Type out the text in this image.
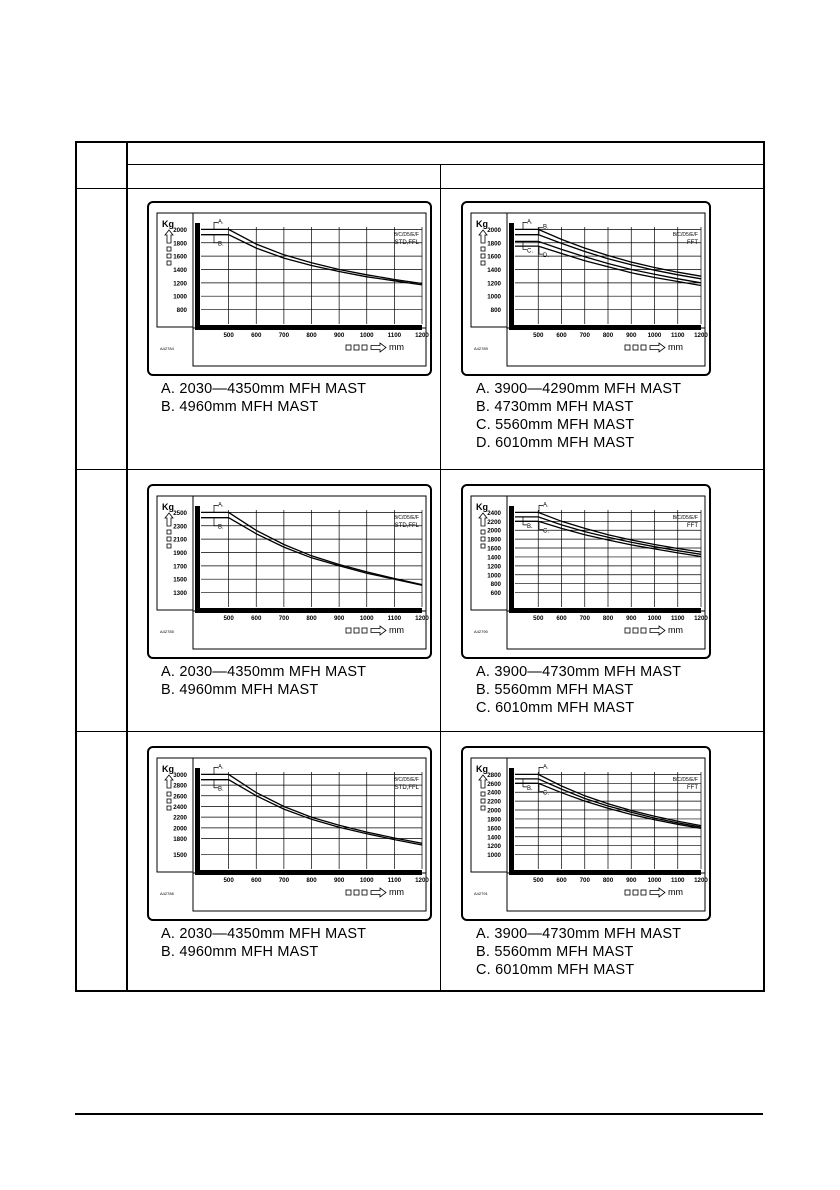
2000
1800
1600
1400
1200
1000
800
500	600	700	800	900	1000 1100 1200
Kg
mm
B/C/D5/E/F
STD,FFL
A42784
A.
B.
A. 2030—4350mm MFH MAST
B. 4960mm MFH MAST
2000
1800
1600
1400
1200
1000
800
500 600 700 800 900 1000 1100 1200
Kg
mm
B/C/D5/E/F
FFT
A42789
A.
B.
C.
D.
A. 3900—4290mm MFH MAST
B. 4730mm MFH MAST
C. 5560mm MFH MAST
D. 6010mm MFH MAST
2500
2300
2100
1900
1700
1500
1300
500	600	700	800	900	1000 1100 1200
Kg
mm
B/C/D5/E/F
STD,FFL
A42785
A.
B.
A. 2030—4350mm MFH MAST
B. 4960mm MFH MAST
2400
2200
2000
1800
1600
1400
1200
1000
800
600
500 600 700 800 900 1000 1100 1200
Kg
mm
B/C/D5/E/F
FFT
A42790
A.
B.
C.
A. 3900—4730mm MFH MAST
B. 5560mm MFH MAST
C. 6010mm MFH MAST
3000
2800
2600
2400
2200
2000
1800
1500
500	600	700	800	900	1000 1100 1200
Kg
mm
B/C/D5/E/F
STD,FFL
A42786
A.
B.
A. 2030—4350mm MFH MAST
B. 4960mm MFH MAST
2800
2600
2400
2200
2000
1800
1600
1400
1200
1000
500 600 700 800 900 1000 1100 1200
Kg
mm
B/C/D5/E/F
FFT
A42791
A.
B.
C.
A. 3900—4730mm MFH MAST
B. 5560mm MFH MAST
C. 6010mm MFH MAST
